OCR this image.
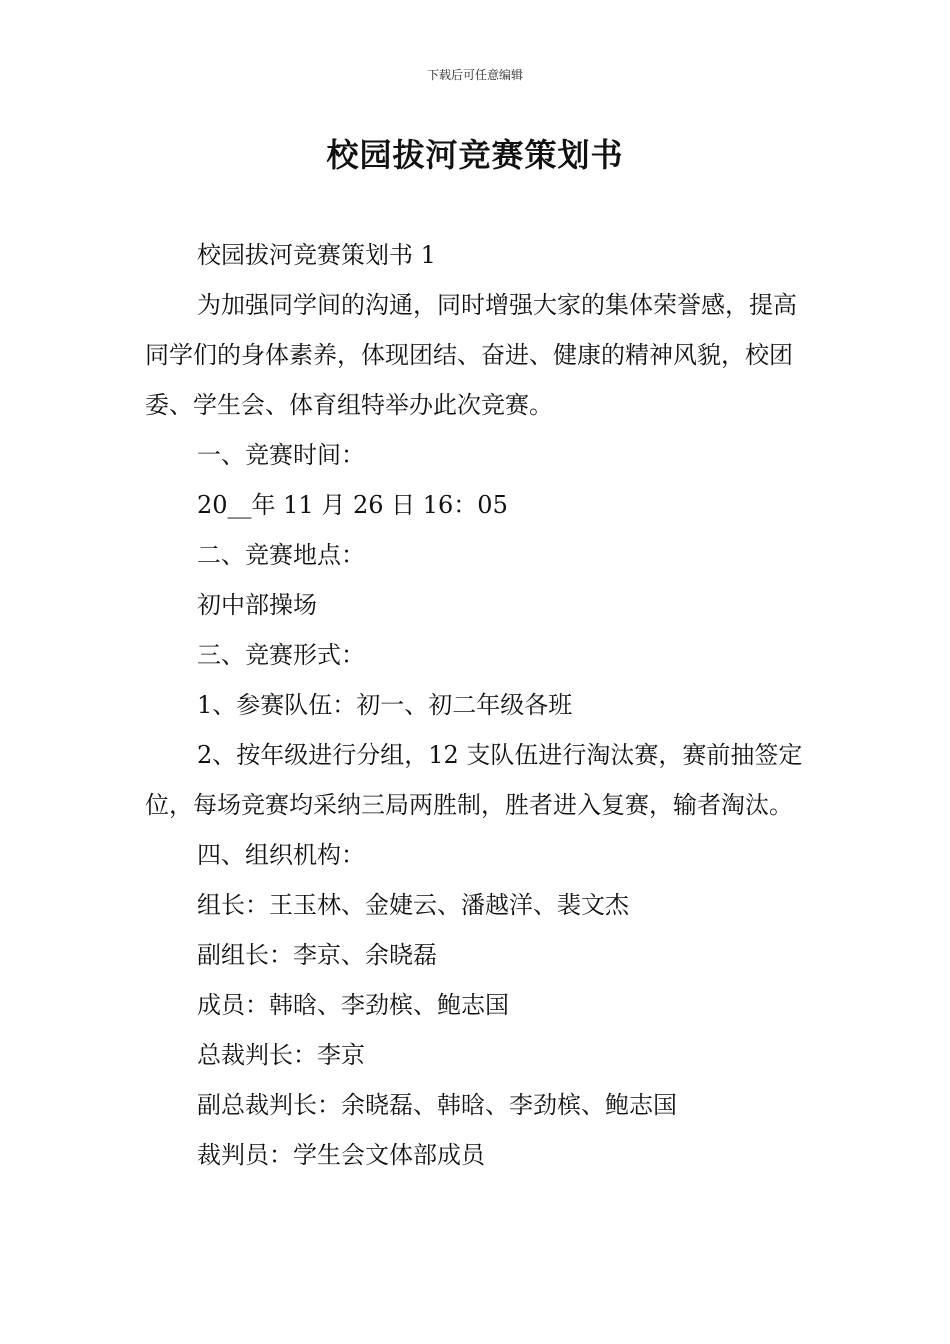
下载后可任意编辑
校园拔河竞赛策划书

校园拔河竞赛策划书 1

为加强同学间的沟通，同时增强大家的集体荣誉感，提高同学们的身体素养，体现团结、奋进、健康的精神风貌，校团委、学生会、体育组特举办此次竞赛。

一、竞赛时间：

20__年 11 月 26 日 16：05

二、竞赛地点：

初中部操场

三、竞赛形式：

1、参赛队伍：初一、初二年级各班

2、按年级进行分组，12 支队伍进行淘汰赛，赛前抽签定位，每场竞赛均采纳三局两胜制，胜者进入复赛，输者淘汰。

四、组织机构：

组长：王玉林、金婕云、潘越洋、裴文杰

副组长：李京、余晓磊

成员：韩晗、李劲槟、鲍志国

总裁判长：李京

副总裁判长：余晓磊、韩晗、李劲槟、鲍志国

裁判员：学生会文体部成员
